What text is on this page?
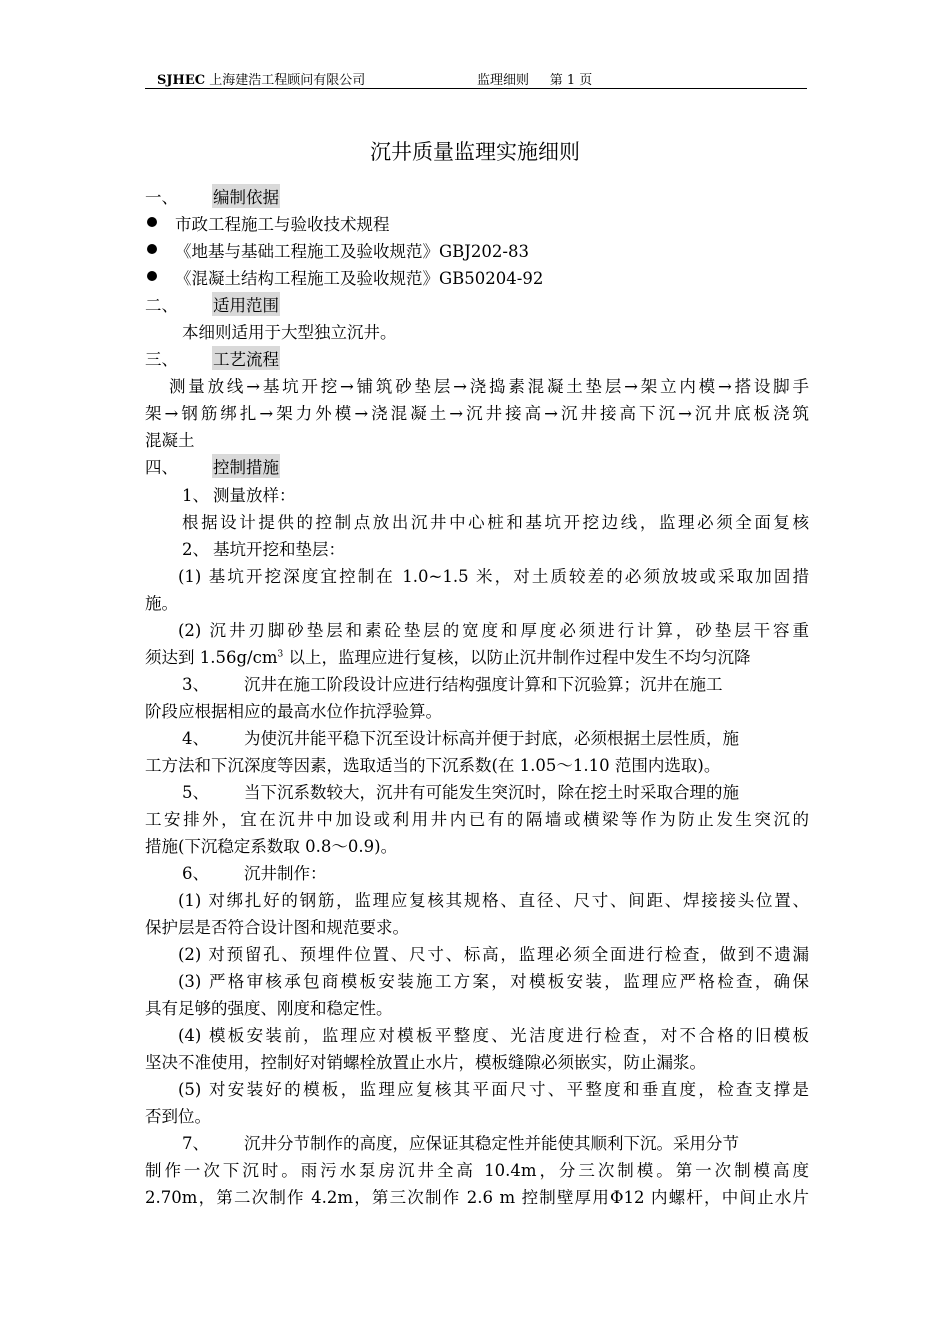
SJHEC 上海建浩工程顾问有限公司	监理细则 第 1 页
沉井质量监理实施细则
一、 编制依据
市政工程施工与验收技术规程
《地基与基础工程施工及验收规范》GBJ202-83
《混凝土结构工程施工及验收规范》GB50204-92
二、 适用范围
本细则适用于大型独立沉井。
三、 工艺流程
测量放线→基坑开挖→铺筑砂垫层→浇捣素混凝土垫层→架立内模→搭设脚手
架→钢筋绑扎→架力外模→浇混凝土→沉井接高→沉井接高下沉→沉井底板浇筑
混凝土
四、 控制措施
1、 测量放样：
根据设计提供的控制点放出沉井中心桩和基坑开挖边线，监理必须全面复核
2、 基坑开挖和垫层：
(1) 基坑开挖深度宜控制在 1.0~1.5 米，对土质较差的必须放坡或采取加固措
施。
(2) 沉井刃脚砂垫层和素砼垫层的宽度和厚度必须进行计算，砂垫层干容重
须达到 $1.56g/cm^3$ 以上，监理应进行复核，以防止沉井制作过程中发生不均匀沉降
3、 沉井在施工阶段设计应进行结构强度计算和下沉验算；沉井在施工
阶段应根据相应的最高水位作抗浮验算。
4、 为使沉井能平稳下沉至设计标高并便于封底，必须根据土层性质，施
工方法和下沉深度等因素，选取适当的下沉系数(在 1.05～1.10 范围内选取)。
5、 当下沉系数较大，沉井有可能发生突沉时，除在挖土时采取合理的施
工安排外，宜在沉井中加设或利用井内已有的隔墙或横梁等作为防止发生突沉的
措施(下沉稳定系数取 0.8～0.9)。
6、 沉井制作：
(1) 对绑扎好的钢筋，监理应复核其规格、直径、尺寸、间距、焊接接头位置、
保护层是否符合设计图和规范要求。
(2) 对预留孔、预埋件位置、尺寸、标高，监理必须全面进行检查，做到不遗漏
(3) 严格审核承包商模板安装施工方案，对模板安装，监理应严格检查，确保
具有足够的强度、刚度和稳定性。
(4) 模板安装前，监理应对模板平整度、光洁度进行检查，对不合格的旧模板
坚决不准使用，控制好对销螺栓放置止水片，模板缝隙必须嵌实，防止漏浆。
(5) 对安装好的模板，监理应复核其平面尺寸、平整度和垂直度，检查支撑是
否到位。
7、 沉井分节制作的高度，应保证其稳定性并能使其顺利下沉。采用分节
制作一次下沉时。雨污水泵房沉井全高 10.4m，分三次制模。第一次制模高度
2.70m，第二次制作 4.2m，第三次制作 2.6 m 控制壁厚用Φ12 内螺杆，中间止水片
